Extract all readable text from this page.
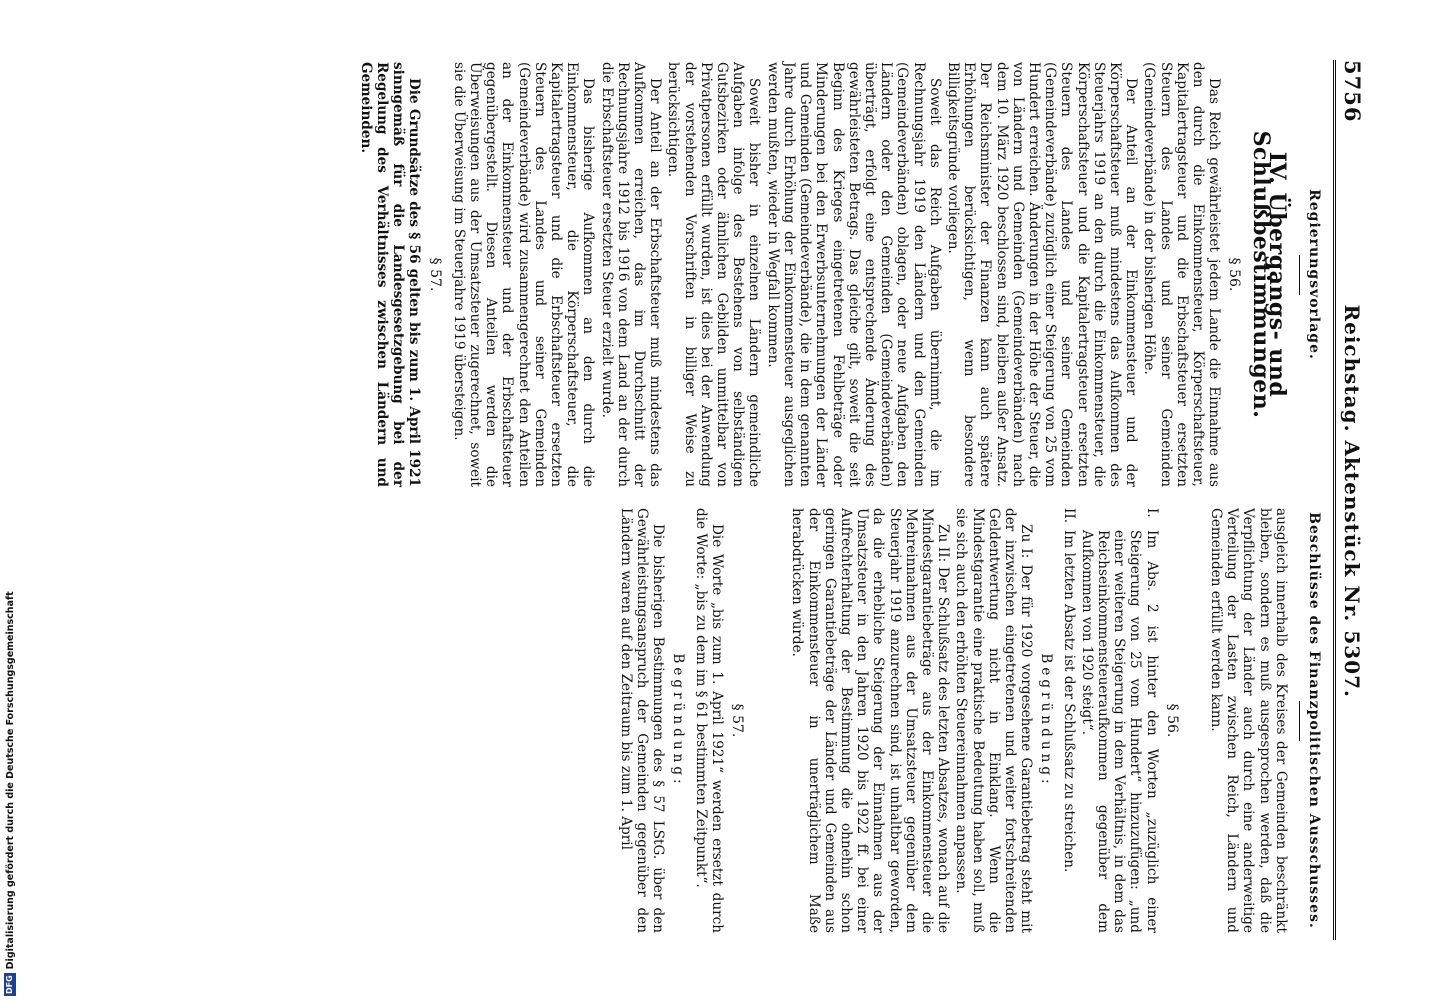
5756
Reichstag. Aktenstück Nr. 5307.
Regierungsvorlage.
IV. Übergangs- und Schlußbestimmungen.
§ 56.

Das Reich gewährleistet jedem Lande die Einnahme aus den durch die Einkommensteuer, Körperschaftsteuer, Kapitalertragsteuer und die Erbschaftsteuer ersetzten Steuern des Landes und seiner Gemeinden (Gemeindeverbände) in der bisherigen Höhe.

Der Anteil an der Einkommensteuer und der Körperschaftsteuer muß mindestens das Aufkommen des Steuerjahrs 1919 an den durch die Einkommensteuer, die Körperschaftsteuer und die Kapitalertragsteuer ersetzten Steuern des Landes und seiner Gemeinden (Gemeindeverbände) zuzüglich einer Steigerung von 25 vom Hundert erreichen. Änderungen in der Höhe der Steuer, die von Ländern und Gemeinden (Gemeindeverbänden) nach dem 10. März 1920 beschlossen sind, bleiben außer Ansatz. Der Reichsminister der Finanzen kann auch spätere Erhöhungen berücksichtigen, wenn besondere Billigkeitsgründe vorliegen.

Soweit das Reich Aufgaben übernimmt, die im Rechnungsjahr 1919 den Ländern und den Gemeinden (Gemeindeverbänden) oblagen, oder neue Aufgaben den Ländern oder den Gemeinden (Gemeindeverbänden) überträgt, erfolgt eine entsprechende Änderung des gewährleisteten Betrags. Das gleiche gilt, soweit die seit Beginn des Krieges eingetretenen Fehlbeträge oder Minderungen bei den Erwerbsunternehmungen der Länder und Gemeinden (Gemeindeverbände), die in dem genannten Jahre durch Erhöhung der Einkommensteuer ausgeglichen werden mußten, wieder in Wegfall kommen.

Soweit bisher in einzelnen Ländern gemeindliche Aufgaben infolge des Bestehens von selbständigen Gutsbezirken oder ähnlichen Gebilden unmittelbar von Privatpersonen erfüllt wurden, ist dies bei der Anwendung der vorstehenden Vorschriften in billiger Weise zu berücksichtigen.

Der Anteil an der Erbschaftsteuer muß mindestens das Aufkommen erreichen, das im Durchschnitt der Rechnungsjahre 1912 bis 1916 von dem Land an der durch die Erbschaftsteuer ersetzten Steuer erzielt wurde.

Das bisherige Aufkommen an den durch die Einkommensteuer, die Körperschaftsteuer, die Kapitalertragsteuer und die Erbschaftsteuer ersetzten Steuern des Landes und seiner Gemeinden (Gemeindeverbände) wird zusammengerechnet den Anteilen an der Einkommensteuer und der Erbschaftsteuer gegenübergestellt. Diesen Anteilen werden die Überweisungen aus der Umsatzsteuer zugerechnet, soweit sie die Überweisung im Steuerjahre 1919 übersteigen.

§ 57.

Die Grundsätze des § 56 gelten bis zum 1. April 1921 sinngemäß für die Landesgesetzgebung bei der Regelung des Verhältnisses zwischen Ländern und Gemeinden.

Beschlüsse des Finanzpolitischen Ausschusses.

ausgleich innerhalb des Kreises der Gemeinden beschränkt bleiben, sondern es muß ausgesprochen werden, daß die Verpflichtung der Länder auch durch eine anderweitige Verteilung der Lasten zwischen Reich, Ländern und Gemeinden erfüllt werden kann.

§ 56.
I.
Im Abs. 2 ist hinter den Worten „zuzüglich einer Steigerung von 25 vom Hundert“ hinzuzufügen: „und einer weiteren Steigerung in dem Verhältnis, in dem das Reichseinkommensteueraufkommen gegenüber dem Aufkommen von 1920 steigt“.
II.
Im letzten Absatz ist der Schlußsatz zu streichen.
Begründung:

Zu I: Der für 1920 vorgesehene Garantiebetrag steht mit der inzwischen eingetretenen und weiter fortschreitenden Geldentwertung nicht in Einklang. Wenn die Mindestgarantie eine praktische Bedeutung haben soll, muß sie sich auch den erhöhten Steuereinnahmen anpassen.

Zu II: Der Schlußsatz des letzten Absatzes, wonach auf die Mindestgarantiebeträge aus der Einkommensteuer die Mehreinnahmen aus der Umsatzsteuer gegenüber dem Steuerjahr 1919 anzurechnen sind, ist unhaltbar geworden, da die erhebliche Steigerung der Einnahmen aus der Umsatzsteuer in den Jahren 1920 bis 1922 ff. bei einer Aufrechterhaltung der Bestimmung die ohnehin schon geringen Garantiebeträge der Länder und Gemeinden aus der Einkommensteuer in unerträglichem Maße herabdrücken würde.

§ 57.

Die Worte „bis zum 1. April 1921“ werden ersetzt durch die Worte: „bis zu dem im § 61 bestimmten Zeitpunkt“.

Begründung:

Die bisherigen Bestimmungen des § 57 LStG. über den Gewährleistungsanspruch der Gemeinden gegenüber den Ländern waren auf den Zeitraum bis zum 1. April

DFG
Digitalisierung gefördert durch die Deutsche Forschungsgemeinschaft
